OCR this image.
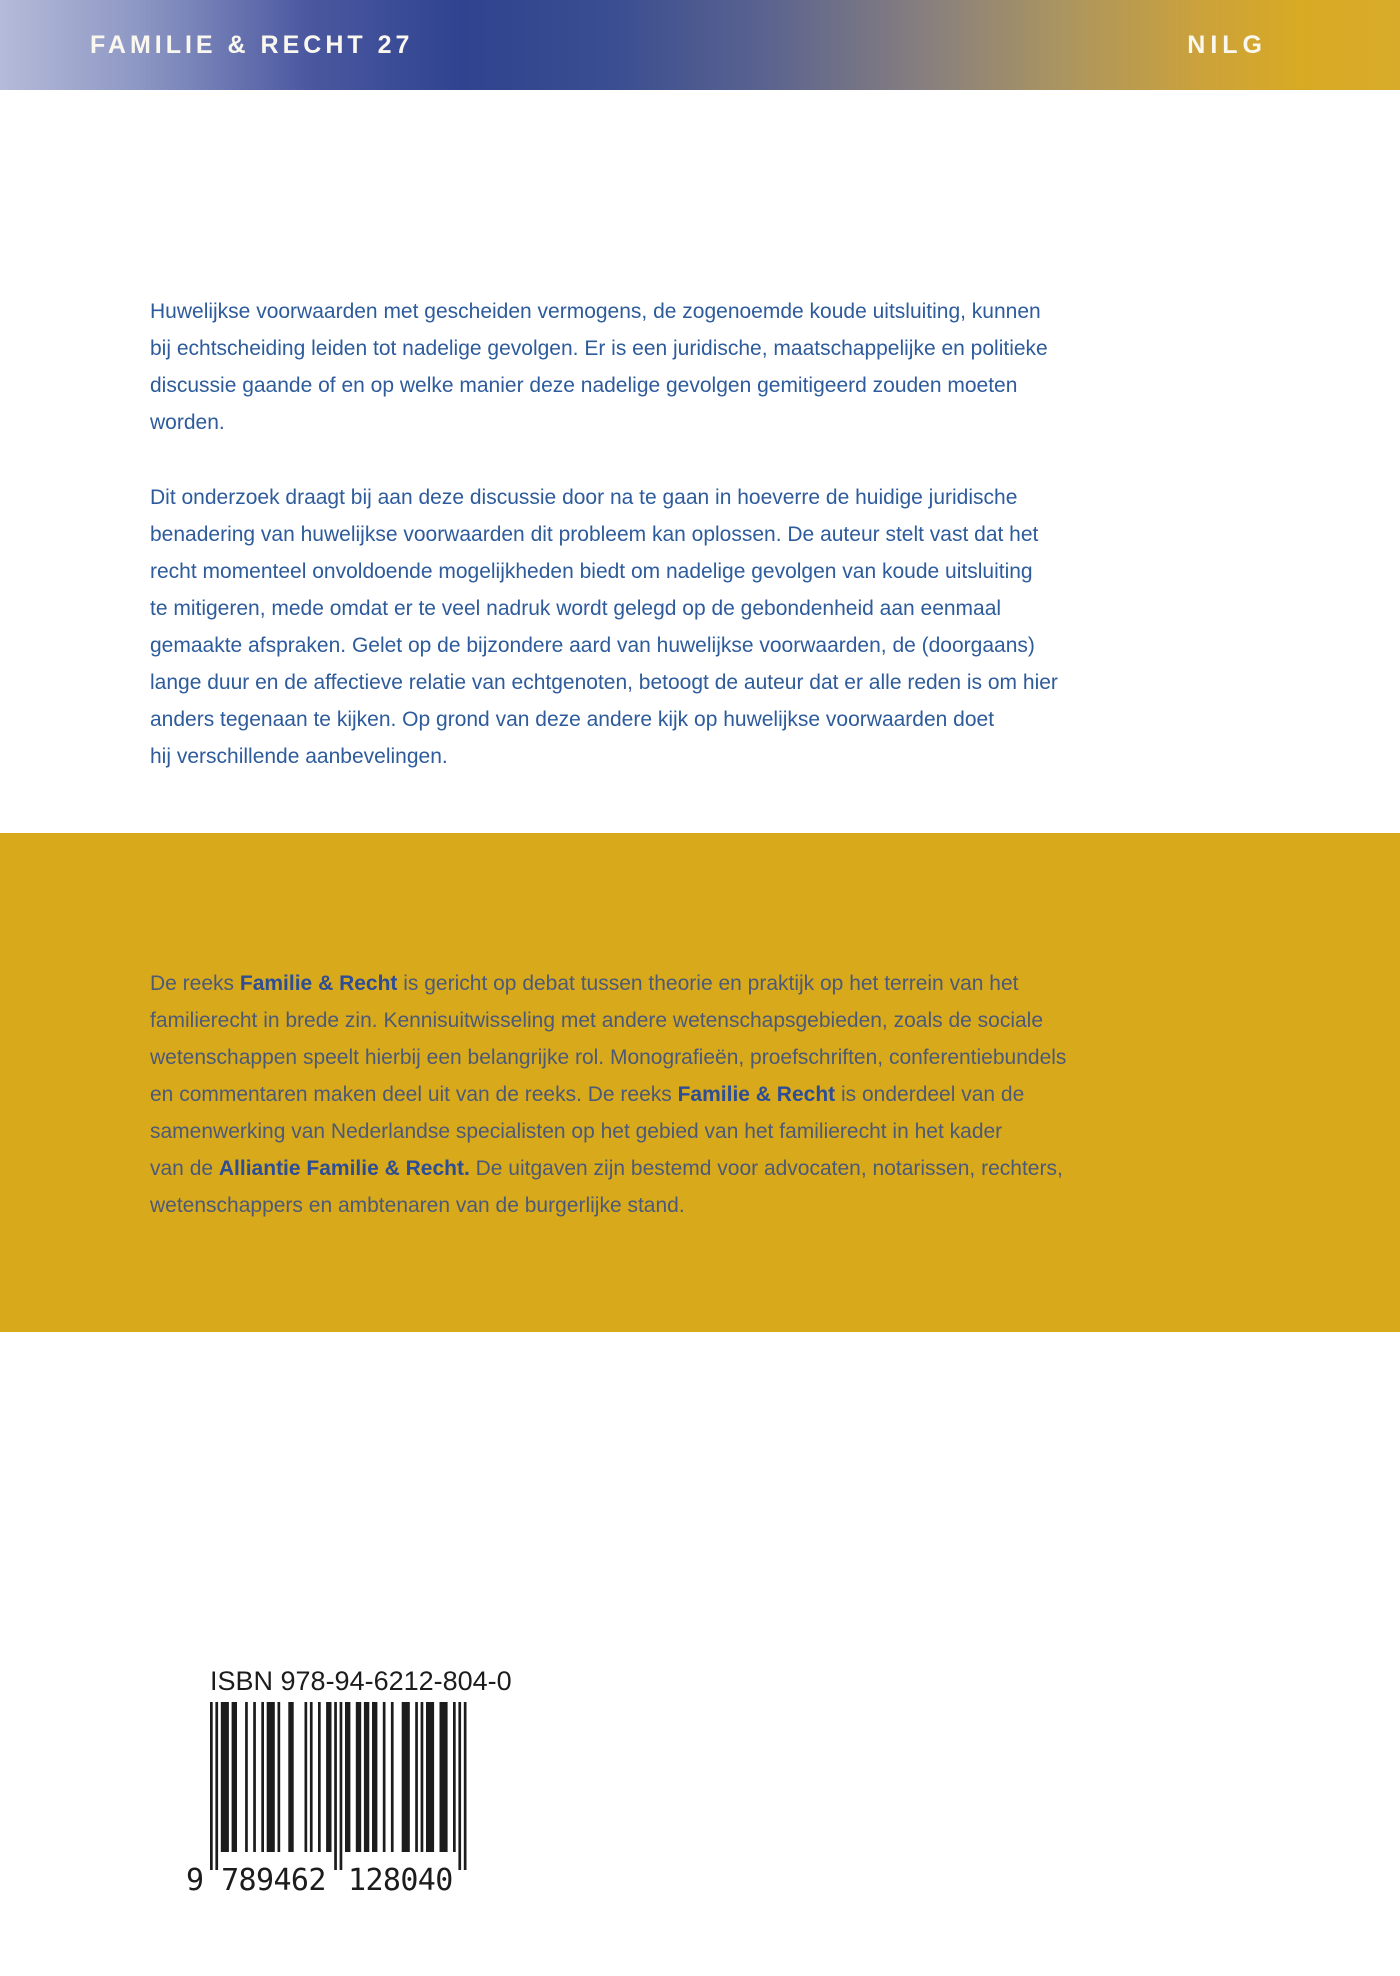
FAMILIE & RECHT 27	NILG
Huwelijkse voorwaarden met gescheiden vermogens, de zogenoemde koude uitsluiting, kunnen
bij echtscheiding leiden tot nadelige gevolgen. Er is een juridische, maatschappelijke en politieke
discussie gaande of en op welke manier deze nadelige gevolgen gemitigeerd zouden moeten
worden.
Dit onderzoek draagt bij aan deze discussie door na te gaan in hoeverre de huidige juridische
benadering van huwelijkse voorwaarden dit probleem kan oplossen. De auteur stelt vast dat het
recht momenteel onvoldoende mogelijkheden biedt om nadelige gevolgen van koude uitsluiting
te mitigeren, mede omdat er te veel nadruk wordt gelegd op de gebondenheid aan eenmaal
gemaakte afspraken. Gelet op de bijzondere aard van huwelijkse voorwaarden, de (doorgaans)
lange duur en de affectieve relatie van echtgenoten, betoogt de auteur dat er alle reden is om hier
anders tegenaan te kijken. Op grond van deze andere kijk op huwelijkse voorwaarden doet
hij verschillende aanbevelingen.
De reeks Familie & Recht is gericht op debat tussen theorie en praktijk op het terrein van het
familierecht in brede zin. Kennisuitwisseling met andere wetenschapsgebieden, zoals de sociale
wetenschappen speelt hierbij een belangrijke rol. Monografieën, proefschriften, conferentiebundels
en commentaren maken deel uit van de reeks. De reeks Familie & Recht is onderdeel van de
samenwerking van Nederlandse specialisten op het gebied van het familierecht in het kader
van de Alliantie Familie & Recht. De uitgaven zijn bestemd voor advocaten, notarissen, rechters,
wetenschappers en ambtenaren van de burgerlijke stand.
ISBN 978-94-6212-804-0
9 789462 128040
